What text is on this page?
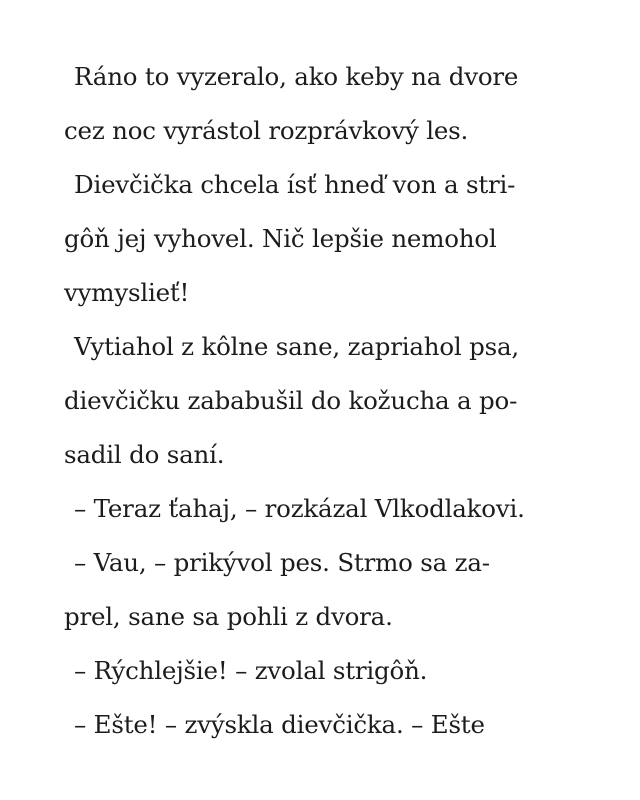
Ráno to vyzeralo, ako keby na dvore
cez noc vyrástol rozprávkový les.
Dievčička chcela ísť hneď von a stri-
gôň jej vyhovel. Nič lepšie nemohol
vymyslieť!
Vytiahol z kôlne sane, zapriahol psa,
dievčičku zababušil do kožucha a po-
sadil do saní.
– Teraz ťahaj, – rozkázal Vlkodlakovi.
– Vau, – prikývol pes. Strmo sa za-
prel, sane sa pohli z dvora.
– Rýchlejšie! – zvolal strigôň.
– Ešte! – zvýskla dievčička. – Ešte
